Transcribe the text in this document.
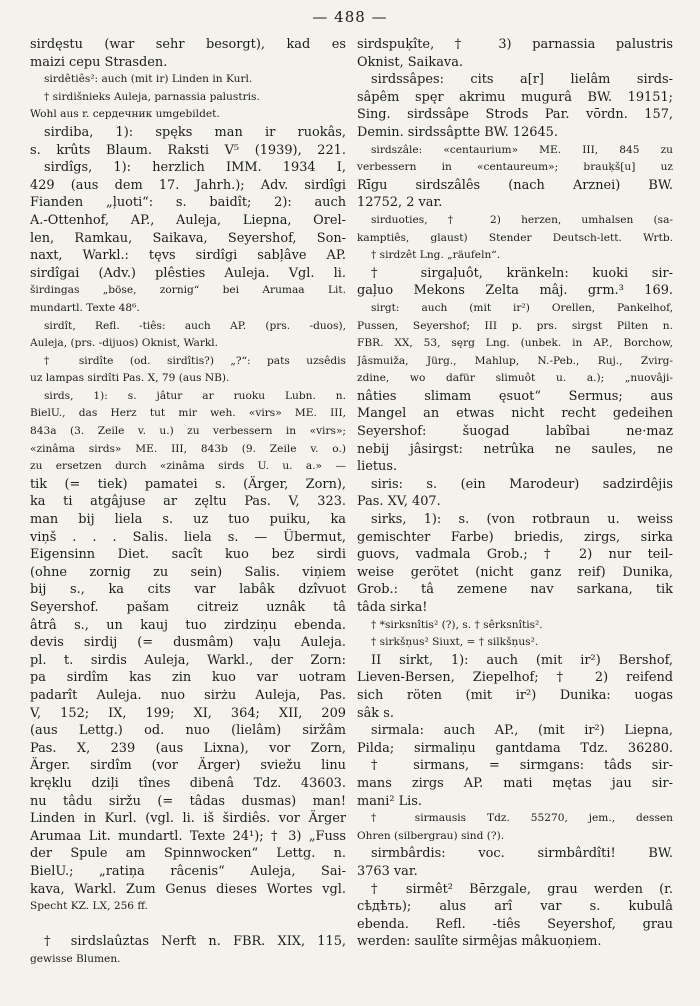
— 488 —
sirdęstu (war sehr besorgt), kad es
maizi cepu Strasden.
sirdêtiês²: auch (mit ir) Linden in Kurl.
† sirdišnieks Auleja, parnassia palustris.
Wohl aus r. сердечник umgebildet.
sirdiba, 1): spęks man ir ruokâs,
s. krûts Blaum. Raksti V⁵ (1939), 221.
sirdîgs, 1): herzlich IMM. 1934 I,
429 (aus dem 17. Jahrh.); Adv. sirdîgi
Fianden „ļuoti“: s. baidît; 2): auch
A.-Ottenhof, AP., Auleja, Liepna, Orel-
len, Ramkau, Saikava, Seyershof, Son-
naxt, Warkl.: tęvs sirdîgi sabļâve AP.
sirdîgai (Adv.) plêsties Auleja. Vgl. li.
širdingas „böse, zornig“ bei Arumaa Lit.
mundartl. Texte 48⁶.
sirdît, Refl. -tiês: auch AP. (prs. -duos),
Auleja, (prs. -dijuos) Oknist, Warkl.
† sirdîte (od. sirdîtis?) „?“: pats uzsêdis
uz lampas sirdîti Pas. X, 79 (aus NB).
sirds, 1): s. jâtur ar ruoku Lubn. n.
BielU., das Herz tut mir weh. «virs» ME. III,
843a (3. Zeile v. u.) zu verbessern in «virs»;
«zinâma sirds» ME. III, 843b (9. Zeile v. o.)
zu ersetzen durch «zinâma sirds U. u. a.» —
tik (= tiek) pamatei s. (Ärger, Zorn),
ka ti atgâjuse ar zęltu Pas. V, 323.
man bij liela s. uz tuo puiku, ka
viņš . . . Salis. liela s. — Übermut,
Eigensinn Diet. sacît kuo bez sirdi
(ohne zornig zu sein) Salis. viņiem
bij s., ka cits var labâk dzîvuot
Seyershof. pašam citreiz uznâk tâ
âtrâ s., un kauj tuo zirdziņu ebenda.
devis sirdij (= dusmâm) vaļu Auleja.
pl. t. sirdis Auleja, Warkl., der Zorn:
pa sirdîm kas zin kuo var uotram
padarît Auleja. nuo sirżu Auleja, Pas.
V, 152; IX, 199; XI, 364; XII, 209
(aus Lettg.) od. nuo (lielâm) siržâm
Pas. X, 239 (aus Lixna), vor Zorn,
Ärger. sirdîm (vor Ärger) sviežu linu
kręklu dziļi tînes dibenâ Tdz. 43603.
nu tâdu siržu (= tâdas dusmas) man!
Linden in Kurl. (vgl. li. iš širdiês. vor Ärger
Arumaa Lit. mundartl. Texte 24¹); † 3) „Fuss
der Spule am Spinnwocken“ Lettg. n.
BielU.; „ratiņa râcenis“ Auleja, Sai-
kava, Warkl. Zum Genus dieses Wortes vgl.
Specht KZ. LX, 256 ff.
† sirdslaûztas Nerft n. FBR. XIX, 115,
gewisse Blumen.
sirdspuķîte, † 3) parnassia palustris
Oknist, Saikava.
sirdssâpes: cits a[r] lielâm sirds-
sâpêm spęr akrimu mugurâ BW. 19151;
Sing. sirdssâpe Strods Par. vōrdn. 157,
Demin. sirdssâptte BW. 12645.
sirdszâle: «centaurium» ME. III, 845 zu
verbessern in «centaureum»; brauķš[u] uz
Rīgu sirdszâlês (nach Arznei) BW.
12752, 2 var.
sirduoties, † 2) herzen, umhalsen (sa-
kamptiês, glaust) Stender Deutsch-lett. Wrtb.
† sirdzêt Lng. „räufeln“.
† sirgaļuôt, kränkeln: kuoki sir-
gaļuo Mekons Zelta mâj. grm.³ 169.
sirgt: auch (mit ir²) Orellen, Pankelhof,
Pussen, Seyershof; III p. prs. sirgst Pilten n.
FBR. XX, 53, sęrg Lng. (unbek. in AP., Borchow,
Jâsmuiža, Jürg., Mahlup, N.-Peb., Ruj., Zvirg-
zdine, wo dafür slimuôt u. a.); „nuovâji-
nâties slimam ęsuot“ Sermus; aus
Mangel an etwas nicht recht gedeihen
Seyershof: šuogad labîbai ne·maz
nebij jâsirgst: netrûka ne saules, ne
lietus.
siris: s. (ein Marodeur) sadzirdêjis
Pas. XV, 407.
sirks, 1): s. (von rotbraun u. weiss
gemischter Farbe) briedis, zirgs, sirka
guovs, vadmala Grob.; † 2) nur teil-
weise gerötet (nicht ganz reif) Dunika,
Grob.: tâ zemene nav sarkana, tik
tâda sirka!
† *sirksnîtis² (?), s. † sêrksnîtis².
† sirkšņus² Siuxt, = † silkšņus².
II sirkt, 1): auch (mit ir²) Bershof,
Lieven-Bersen, Ziepelhof; † 2) reifend
sich röten (mit ir²) Dunika: uogas
sâk s.
sirmala: auch AP., (mit ir²) Liepna,
Pilda; sirmaliņu gantdama Tdz. 36280.
† sirmans, = sirmgans: tâds sir-
mans zirgs AP. mati mętas jau sir-
mani² Lis.
† sirmausis Tdz. 55270, jem., dessen
Ohren (silbergrau) sind (?).
sirmbârdis: voc. sirmbârdîti! BW.
3763 var.
† sirmêt² Bērzgale, grau werden (r.
сѣдѣть); alus arî var s. kubulâ
ebenda. Refl. -tiês Seyershof, grau
werden: saulîte sirmêjas mâkuoņiem.
